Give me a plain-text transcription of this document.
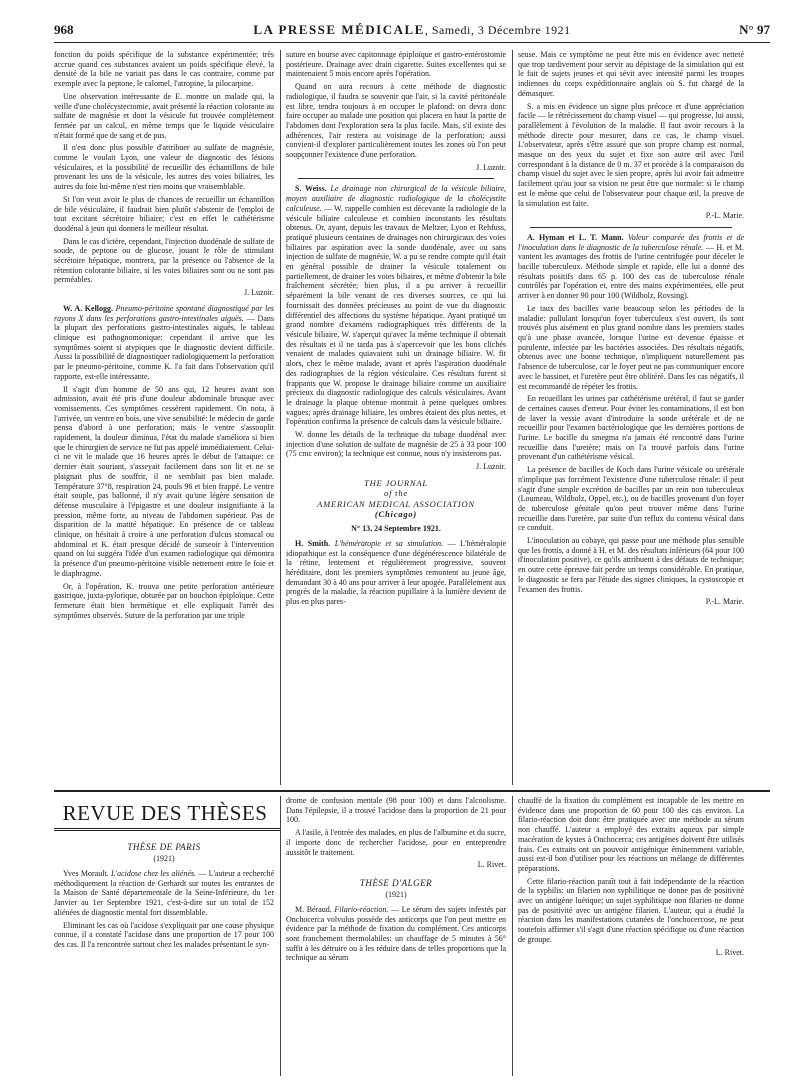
968	LA PRESSE MÉDICALE, Samedi, 3 Décembre 1921	N° 97

fonction du poids spécifique de la substance expérimentée; très accrue quand ces substances avaient un poids spécifique élevé, la densité de la bile ne variait pas dans le cas contraire, comme par exemple avec la peptone, le calomel, l'atropine, la pilocarpine.

Une observation intéressante de E. montre un malade qui, la veille d'une cholécystectomie, avait présenté la réaction colorante au sulfate de magnésie et dont la vésicule fut trouvée complètement fermée par un calcul, en même temps que le liquide vésiculaire n'était formé que de sang et de pus.

Il n'est donc plus possible d'attribuer au sulfate de magnésie, comme le voulait Lyon, une valeur de diagnostic des lésions vésiculaires, et la possibilité de recueillir des échantillons de bile provenant les uns de la vésicule, les autres des voies biliaires, les autres du foie lui-même n'est rien moins que vraisemblable.

Si l'on veut avoir le plus de chances de recueillir un échantillon de bile vésiculaire, il faudrait bien plutôt s'abstenir de l'emploi de tout excitant sécrétoire biliaire; c'est en effet le cathétérisme duodénal à jeun qui donnera le meilleur résultat.

Dans le cas d'ictère, cependant, l'injection duodénale de sulfate de soude, de peptone ou de glucose, jouant le rôle de stimulant sécrétoire hépatique, montrera, par la présence ou l'absence de la rétention colorante biliaire, si les voies biliaires sont ou ne sont pas perméables.

J. Luzoir.

W. A. Kellogg. Pneumo-péritoine spontané diagnostiqué par les rayons X dans les perforations gastro-intestinales aiguës. — Dans la plupart des perforations gastro-intestinales aiguës, le tableau clinique est pathognomonique: cependant il arrive que les symptômes soient si atypiques que le diagnostic devient difficile. Aussi la possibilité de diagnostiquer radiologiquement la perforation par le pneumo-péritoine, comme K. l'a fait dans l'observation qu'il rapporte, est-elle intéressante.

Il s'agit d'un homme de 50 ans qui, 12 heures avant son admission, avait été pris d'une douleur abdominale brusque avec vomissements. Ces symptômes cessèrent rapidement. On nota, à l'arrivée, un ventre en bois, une vive sensibilité: le médecin de garde pensa d'abord à une perforation; mais le ventre s'assouplit rapidement, la douleur diminua, l'état du malade s'améliora si bien que le chirurgien de service ne fut pas appelé immédiatement. Celui-ci ne vit le malade que 16 heures après le début de l'attaque: ce dernier était souriant, s'asseyait facilement dans son lit et ne se plaignait plus de souffrir, il ne semblait pas bien malade. Température 37°8, respiration 24, pouls 96 et bien frappé. Le ventre était souple, pas ballonné, il n'y avait qu'une légère sensation de défense musculaire à l'épigastre et une douleur insignifiante à la pression, même forte, au niveau de l'abdomen supérieur. Pas de disparition de la matité hépatique. En présence de ce tableau clinique, on hésitait à croire à une perforation d'ulcus stomacal ou abdominal et K. était presque décidé de surseoir à l'intervention quand on lui suggéra l'idée d'un examen radiologique qui démontra la présence d'un pneumo-péritoine visible nettement entre le foie et le diaphragme.

Or, à l'opération, K. trouva une petite perforation antérieure gastrique, juxta-pylorique, obturée par un bouchon épiploïque. Cette fermeture était bien hermétique et elle expliquait l'arrêt des symptômes observés. Suture de la perforation par une triple

suture en bourse avec capitonnage épiploïque et gastro-entérostomie postérieure. Drainage avec drain cigarette. Suites excellentes qui se maintenaient 5 mois encore après l'opération.

Quand on aura recours à cette méthode de diagnostic radiologique, il faudra se souvenir que l'air, si la cavité péritonéale est libre, tendra toujours à en occuper le plafond: on devra donc faire occuper au malade une position qui placera en haut la partie de l'abdomen dont l'exploration sera la plus facile. Mais, s'il existe des adhérences, l'air restera au voisinage de la perforation; aussi convient-il d'explorer particulièrement toutes les zones où l'on peut soupçonner l'existence d'une perforation.

J. Luzoir.

S. Weiss. Le drainage non chirurgical de la vésicule biliaire, moyen auxiliaire de diagnostic radiologique de la cholécystite calculeuse. — W. rappelle combien est décevante la radiologie de la vésicule biliaire calculeuse et combien inconstants les résultats obtenus. Or, ayant, depuis les travaux de Meltzer, Lyon et Rehfuss, pratiqué plusieurs centaines de drainages non chirurgicaux des voies biliaires par aspiration avec la sonde duodénale, avec ou sans injection de sulfate de magnésie, W. a pu se rendre compte qu'il était en général possible de drainer la vésicule totalement ou partiellement, de drainer les voies biliaires, et même d'obtenir la bile fraîchement sécrétée; bien plus, il a pu arriver à recueillir séparément la bile venant de ces diverses sources, ce qui lui fournissait des données précieuses au point de vue du diagnostic différentiel des affections du système hépatique. Ayant pratiqué un grand nombre d'examens radiographiques très différents de la vésicule biliaire, W. s'aperçut qu'avec la même technique il obtenait des résultats et il ne tarda pas à s'apercevoir que les bons clichés venaient de malades quiavaient subi un drainage biliaire. W. fit alors, chez le même malade, avant et après l'aspiration duodénale des radiographies de la région vésiculaire. Ces résultats furent si frappants que W. propose le drainage biliaire comme un auxiliaire précieux du diagnostic radiologique des calculs vésiculaires. Avant le drainage la plaque obtenue montrait à peine quelques ombres vagues; après drainage biliaire, les ombres étaient des plus nettes, et l'opération confirma la présence de calculs dans la vésicule biliaire.

W. donne les détails de la technique du tubage duodénal avec injection d'une solution de sulfate de magnésie de 25 à 33 pour 100 (75 cmc environ); la technique est connue, nous n'y insisterons pas.

J. Luzoir.

THE JOURNAL
of the
AMERICAN MEDICAL ASSOCIATION
(Chicago)
N° 13, 24 Septembre 1921.

H. Smith. L'hémératopie et sa simulation. — L'héméralopie idiopathique est la conséquence d'une dégénérescence bilatérale de la rétine, lentement et régulièrement progressive, souvent héréditaire, dont les premiers symptômes remontent au jeune âge, demandant 30 à 40 ans pour arriver à leur apogée. Parallèlement aux progrès de la maladie, la réaction pupillaire à la lumière devient de plus en plus pares-

seuse. Mais ce symptôme ne peut être mis en évidence avec netteté que trop tardivement pour servir au dépistage de la simulation qui est le fait de sujets jeunes et qui sévit avec intensité parmi les troupes indiennes du corps expéditionnaire anglais où S. fut chargé de la démasquer.

S. a mis en évidence un signe plus précoce et d'une appréciation facile — le rétrécissement du champ visuel — qui progresse, lui aussi, parallèlement à l'évolution de la maladie. Il faut avoir recours à la méthode directe pour mesurer, dans ce cas, le champ visuel. L'observateur, après s'être assuré que son propre champ est normal, masque un des yeux du sujet et fixe son autre œil avec l'œil correspondant à la distance de 0 m. 37 et procède à la comparaison du champ visuel du sujet avec le sien propre, après lui avoir fait admettre facilement qu'au jour sa vision ne peut être que normale: si le champ est le même que celui de l'observateur pour chaque œil, la preuve de la simulation est faite.

P.-L. Marie.

A. Hyman et L. T. Mann. Valeur comparée des frottis et de l'inoculation dans le diagnostic de la tuberculose rénale. — H. et M. vantent les avantages des frottis de l'urine centrifugée pour déceler le bacille tuberculeux. Méthode simple et rapide, elle lui a donné des résultats positifs dans 65 p. 100 des cas de tuberculose rénale contrôlés par l'opération et, entre des mains expérimentées, elle peut arriver à en donner 90 pour 100 (Wildbolz, Rovsing).

Le taux des bacilles varie beaucoup selon les périodes de la maladie: pullulant lorsqu'un foyer tuberculeux s'est ouvert, ils sont trouvés plus aisément en plus grand nombre dans les premiers stades qu'à une phase avancée, lorsque l'urine est devenue épaisse et purulente, infectée par les bactéries associées. Des résultats négatifs, obtenus avec une bonne technique, n'impliquent naturellement pas l'absence de tuberculose, car le foyer peut ne pas communiquer encore avec le bassinet, et l'uretère peut être oblitéré. Dans les cas négatifs, il est recommandé de répéter les frottis.

En recueillant les urines par cathétérisme urétéral, il faut se garder de certaines causes d'erreur. Pour éviter les contaminations, il est bon de laver la vessie avant d'introduire la sonde urétérale et de ne recueillir pour l'examen bactériologique que les dernières portions de l'urine. Le bacille du smegma n'a jamais été rencontré dans l'urine recueillie dans l'uretère; mais on l'a trouvé parfois dans l'urine provenant d'un cathétérisme vésical.

La présence de bacilles de Koch dans l'urine vésicale ou urétérale n'implique pas forcément l'existence d'une tuberculose rénale: il peut s'agir d'une simple excrétion de bacilles par un rein non tuberculeux (Loumeau, Wildbolz, Oppel, etc.), ou de bacilles provenant d'un foyer de tuberculose génitale qu'on peut trouver même dans l'urine recueillie dans l'uretère, par suite d'un reflux du contenu vésical dans ce conduit.

L'inoculation au cobaye, qui passe pour une méthode plus sensible que les frottis, a donné à H. et M. des résultats inférieurs (64 pour 100 d'inoculation positive), ce qu'ils attribuent à des défauts de technique; en outre cette épreuve fait perdre un temps considérable. En pratique, le diagnostic se fera par l'étude des signes cliniques, la cystoscopie et l'examen des frottis.

P.-L. Marie.

REVUE DES THÈSES
THÈSE DE PARIS
(1921)

Yves Morault. L'acidose chez les aliénés. — L'auteur a recherché méthodiquement la réaction de Gerhardt sur toutes les entrantes de la Maison de Santé départementale de la Seine-Inférieure, du 1er Janvier au 1er Septembre 1921, c'est-à-dire sur un total de 152 aliénées de diagnostic mental fort dissemblable.

Eliminant les cas où l'acidose s'expliquait par une cause physique connue, il a constaté l'acidose dans une proportion de 17 pour 100 des cas. Il l'a rencontrée surtout chez les malades présentant le syn-

drome de confusion mentale (98 pour 100) et dans l'alcoolisme. Dans l'épilepsie, il a trouvé l'acidose dans la proportion de 21 pour 100.

A l'asile, à l'entrée des malades, en plus de l'albumine et du sucre, il importe donc de rechercher l'acidose, pour en entreprendre aussitôt le traitement.

L. Rivet.

THÈSE D'ALGER
(1921)

M. Béraud. Filario-réaction. — Le sérum des sujets infestés par Onchocerca volvulus possède des anticorps que l'on peut mettre en évidence par la méthode de fixation du complément. Ces anticorps sont franchement thermolabiles: un chauffage de 5 minutes à 56° suffit à les détruire ou à les réduire dans de telles proportions que la technique au sérum

chauffé de la fixation du complément est incapable de les mettre en évidence dans une proportion de 60 pour 100 des cas environ. La filario-réaction doit donc être pratiquée avec une méthode au sérum non chauffé. L'auteur a employé des extraits aqueux par simple macération de kystes à Onchocerca; ces antigènes doivent être utilisés frais. Ces extraits ont un pouvoir antigénique éminemment variable, aussi est-il bon d'utiliser pour les réactions un mélange de différentes préparations.

Cette filario-réaction paraît tout à fait indépendante de la réaction de la syphilis: un filarien non syphilitique ne donne pas de positivité avec un antigène luétique; un sujet syphilitique non filarien ne donne pas de positivité avec un antigène filarien. L'auteur, qui a étudié la réaction dans les manifestations cutanées de l'onchocercose, ne peut toutefois affirmer s'il s'agit d'une réaction spécifique ou d'une réaction de groupe.

L. Rivet.
